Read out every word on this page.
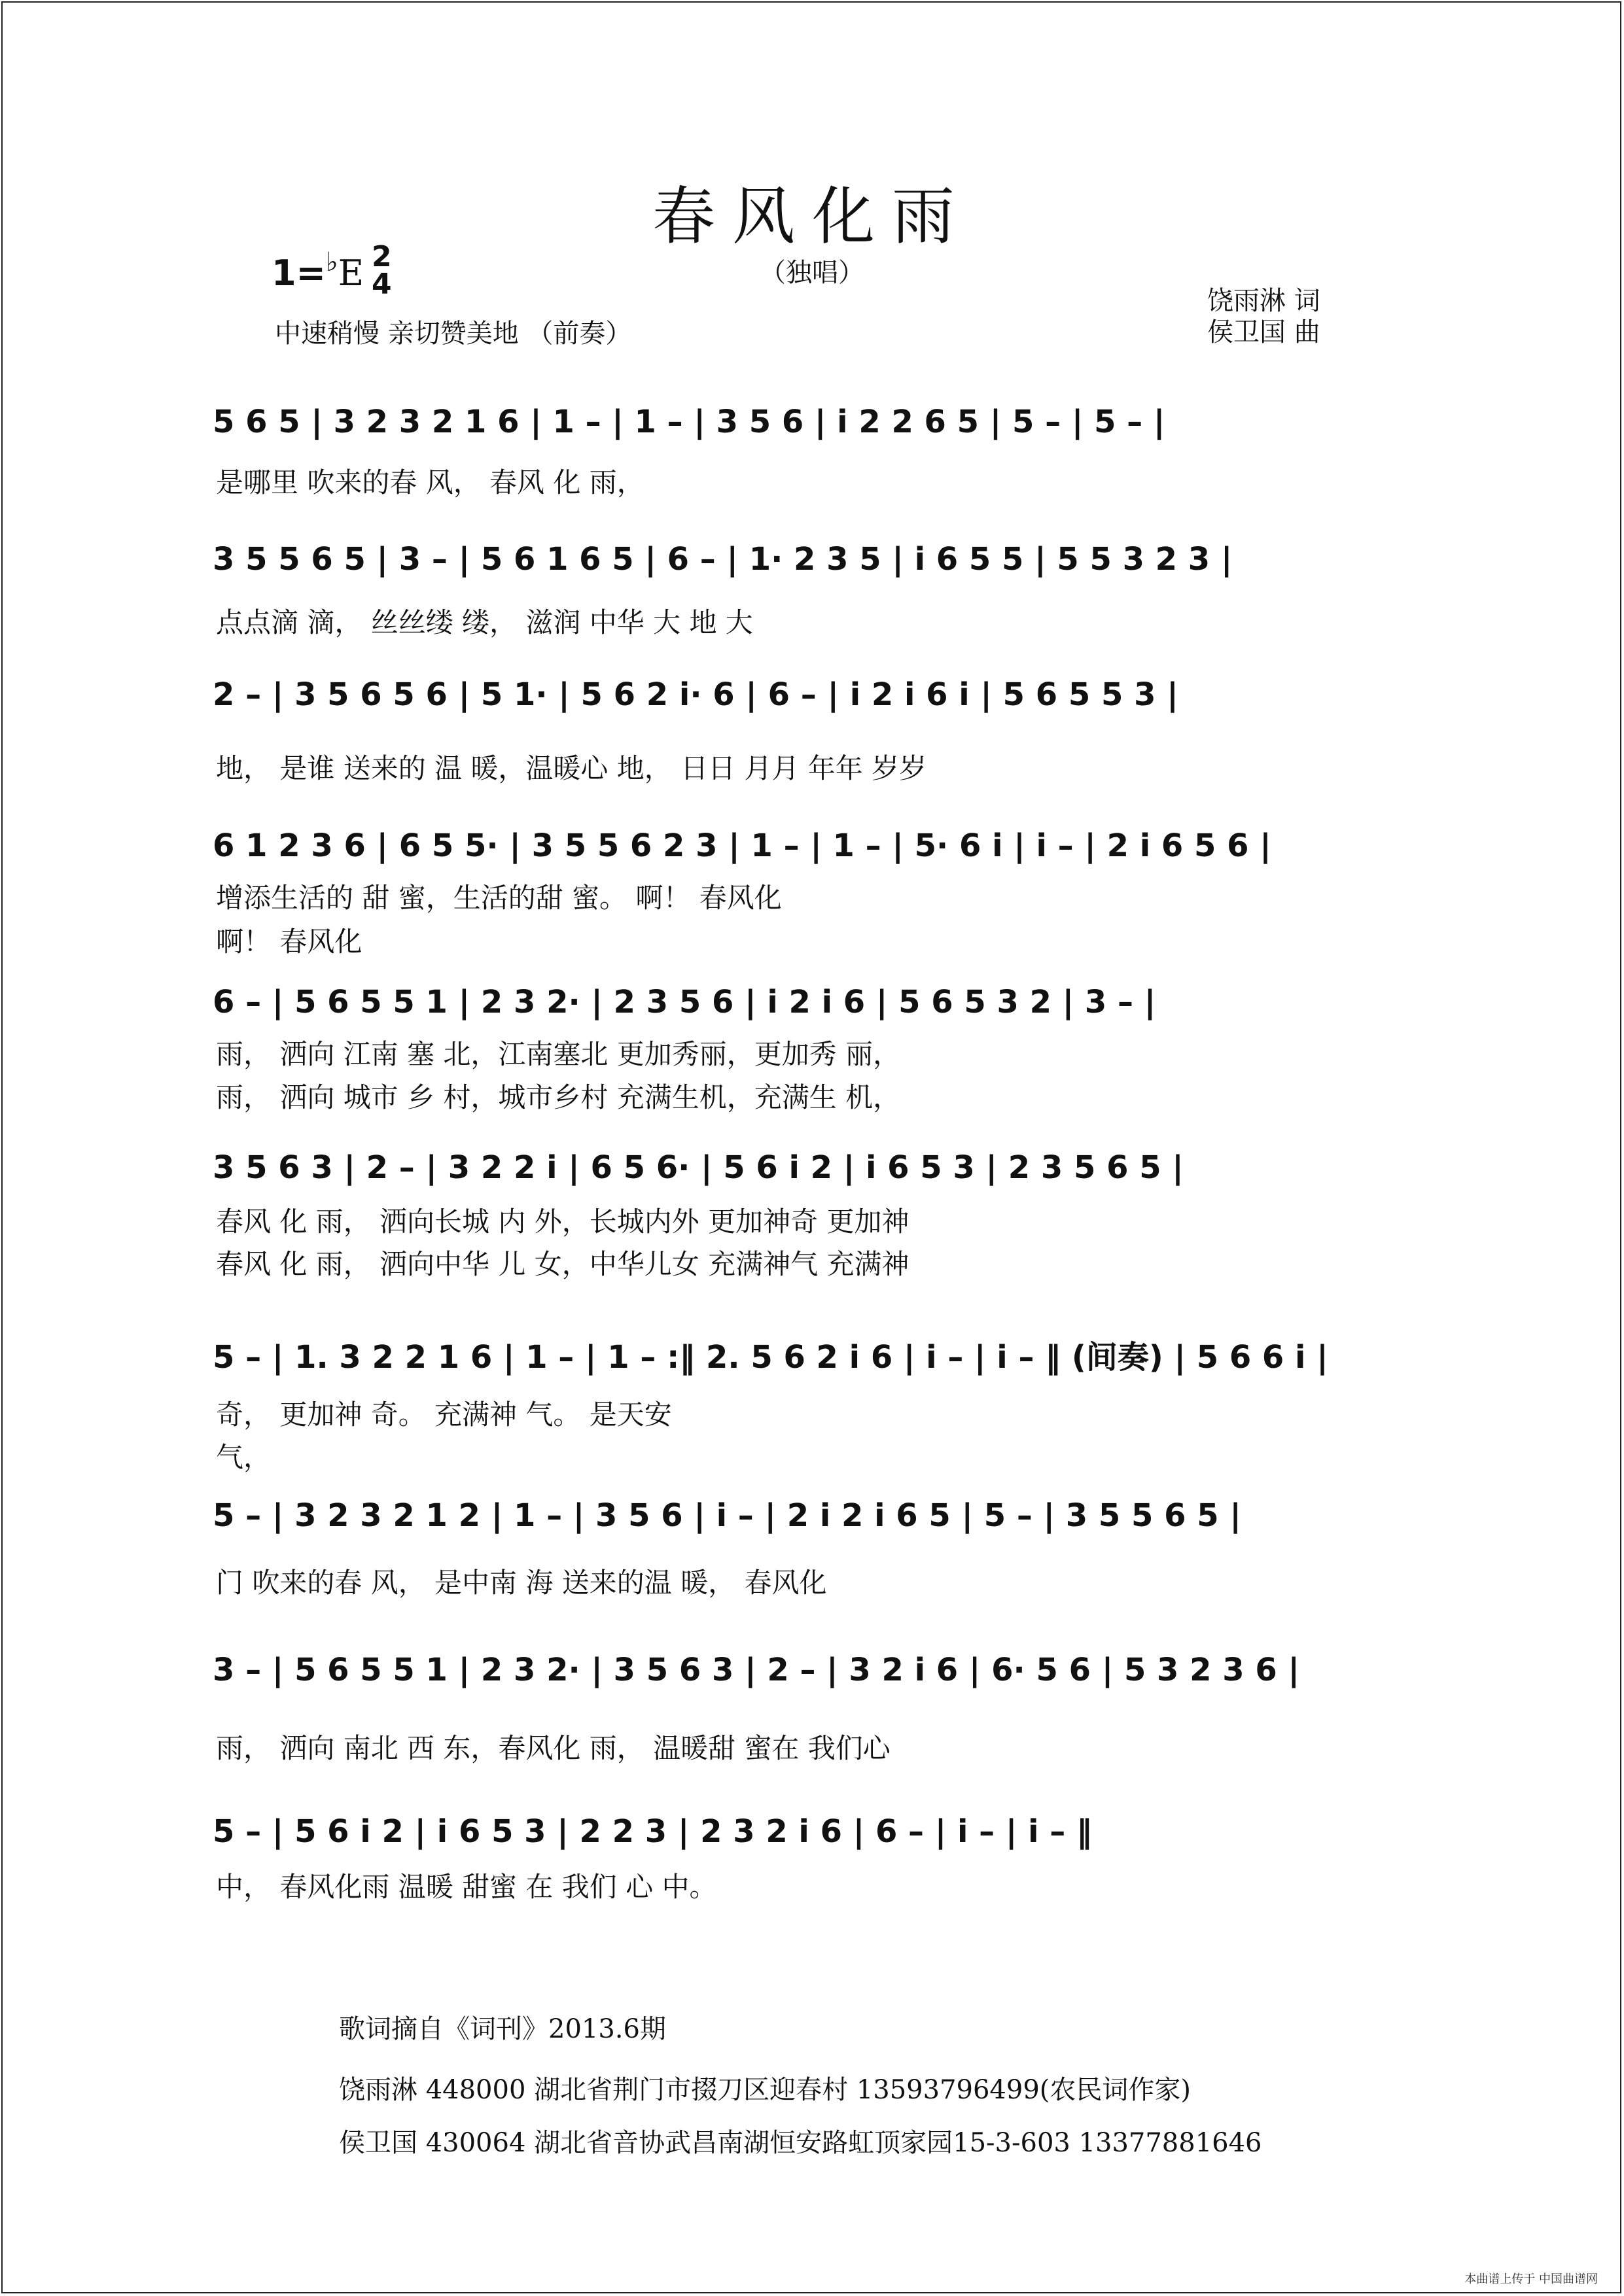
春风化雨
（独唱）
1=♭E 2
4
中速稍慢 亲切赞美地 （前奏）
饶雨淋 词
侯卫国 曲
5 6 5 | 3 2 3 2 1 6 | 1 – | 1 – | 3 5 6 | i 2 2 6 5 | 5 – | 5 – |
是哪里 吹来的春 风， 春风 化 雨，
3 5 5 6 5 | 3 – | 5 6 1 6 5 | 6 – | 1· 2 3 5 | i 6 5 5 | 5 5 3 2 3 |
点点滴 滴， 丝丝缕 缕， 滋润 中华 大 地 大
2 – | 3 5 6 5 6 | 5 1· | 5 6 2 i· 6 | 6 – | i 2 i 6 i | 5 6 5 5 3 |
地， 是谁 送来的 温 暖，温暖心 地， 日日 月月 年年 岁岁
6 1 2 3 6 | 6 5 5· | 3 5 5 6 2 3 | 1 – | 1 – | 5· 6 i | i – | 2 i 6 5 6 |
增添生活的 甜 蜜，生活的甜 蜜。 啊！ 春风化
啊！ 春风化
6 – | 5 6 5 5 1 | 2 3 2· | 2 3 5 6 | i 2 i 6 | 5 6 5 3 2 | 3 – |
雨， 洒向 江南 塞 北，江南塞北 更加秀丽，更加秀 丽，
雨， 洒向 城市 乡 村，城市乡村 充满生机，充满生 机，
3 5 6 3 | 2 – | 3 2 2 i | 6 5 6· | 5 6 i 2 | i 6 5 3 | 2 3 5 6 5 |
春风 化 雨， 洒向长城 内 外，长城内外 更加神奇 更加神
春风 化 雨， 洒向中华 儿 女，中华儿女 充满神气 充满神
5 – | 1. 3 2 2 1 6 | 1 – | 1 – :‖ 2. 5 6 2 i 6 | i – | i – ‖ (间奏) | 5 6 6 i |
奇， 更加神 奇。 充满神 气。 是天安
气，
5 – | 3 2 3 2 1 2 | 1 – | 3 5 6 | i – | 2 i 2 i 6 5 | 5 – | 3 5 5 6 5 |
门 吹来的春 风， 是中南 海 送来的温 暖， 春风化
3 – | 5 6 5 5 1 | 2 3 2· | 3 5 6 3 | 2 – | 3 2 i 6 | 6· 5 6 | 5 3 2 3 6 |
雨， 洒向 南北 西 东，春风化 雨， 温暖甜 蜜在 我们心
5 – | 5 6 i 2 | i 6 5 3 | 2 2 3 | 2 3 2 i 6 | 6 – | i – | i – ‖
中， 春风化雨 温暖 甜蜜 在 我们 心 中。
歌词摘自《词刊》2013.6期
饶雨淋 448000 湖北省荆门市掇刀区迎春村 13593796499(农民词作家)
侯卫国 430064 湖北省音协武昌南湖恒安路虹顶家园15-3-603 13377881646
本曲谱上传于 中国曲谱网
